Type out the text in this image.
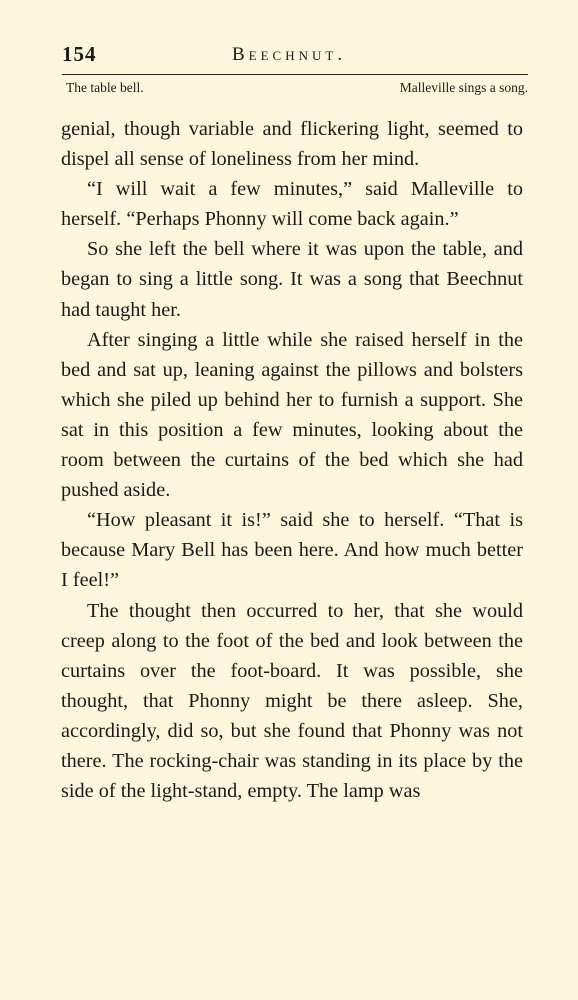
154	Beechnut.
The table bell.	Malleville sings a song.

genial, though variable and flickering light, seemed to dispel all sense of loneliness from her mind.

“I will wait a few minutes,” said Malleville to herself. “Perhaps Phonny will come back again.”

So she left the bell where it was upon the table, and began to sing a little song. It was a song that Beechnut had taught her.

After singing a little while she raised herself in the bed and sat up, leaning against the pillows and bolsters which she piled up behind her to furnish a support. She sat in this position a few minutes, looking about the room between the curtains of the bed which she had pushed aside.

“How pleasant it is!” said she to herself. “That is because Mary Bell has been here. And how much better I feel!”

The thought then occurred to her, that she would creep along to the foot of the bed and look between the curtains over the foot-board. It was possible, she thought, that Phonny might be there asleep. She, accordingly, did so, but she found that Phonny was not there. The rocking-chair was standing in its place by the side of the light-stand, empty. The lamp was
